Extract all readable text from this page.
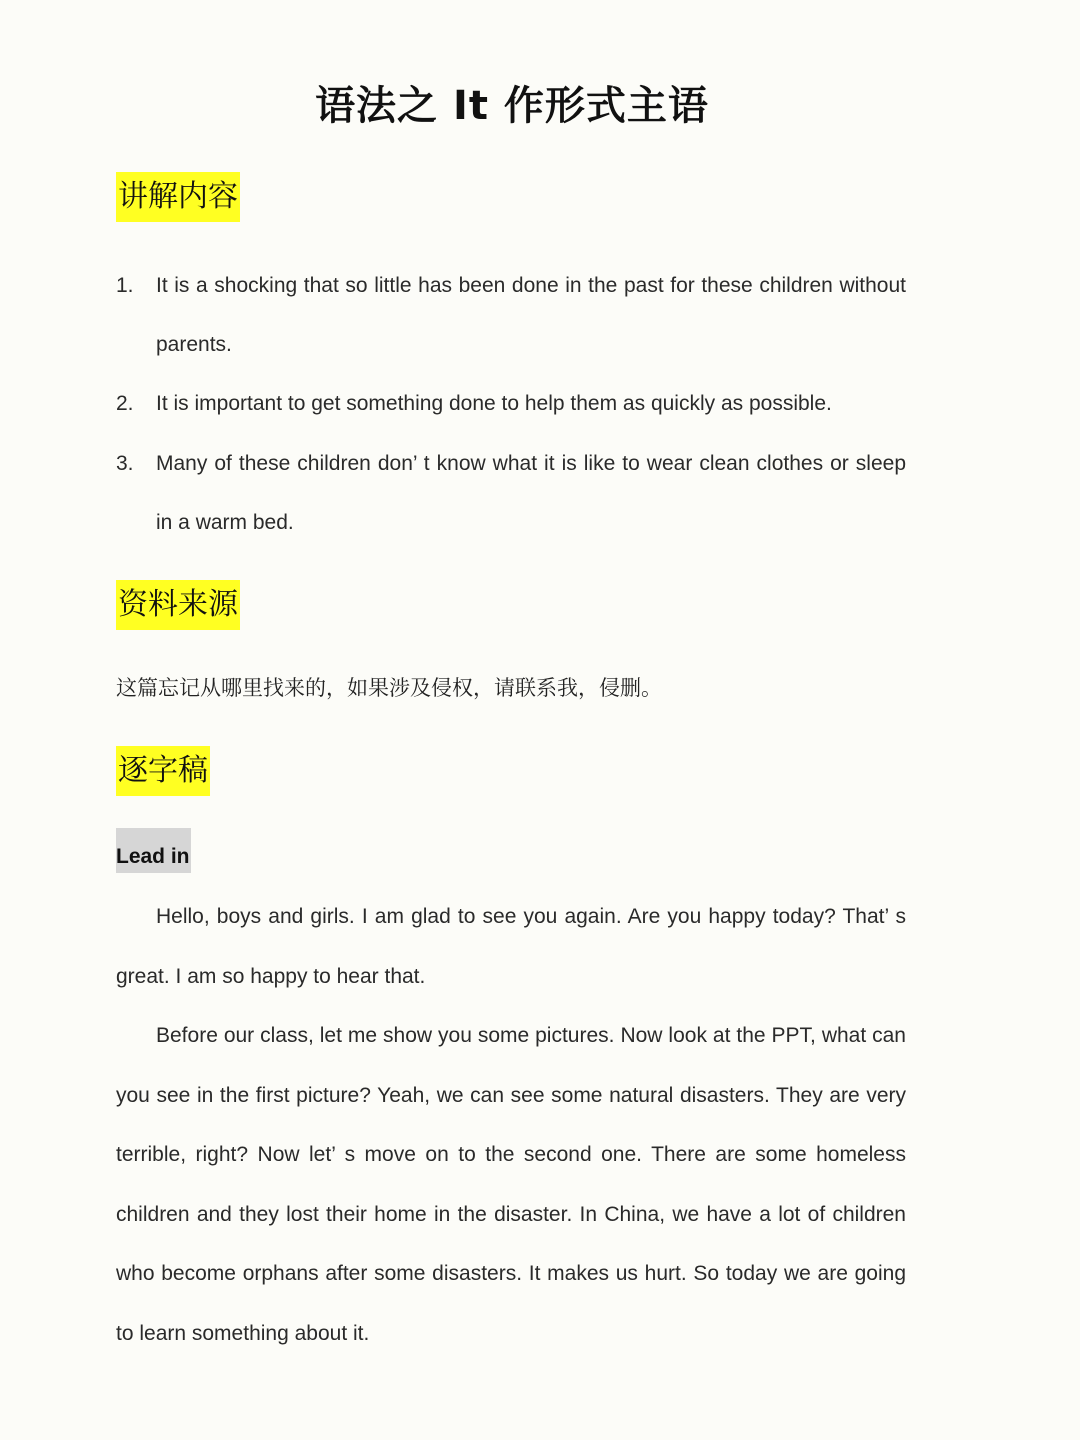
语法之 It 作形式主语
讲解内容
1.	It is a shocking that so little has been done in the past for these children without parents.
2.	It is important to get something done to help them as quickly as possible.
3.	Many of these children don’ t know what it is like to wear clean clothes or sleep in a warm bed.
资料来源
这篇忘记从哪里找来的，如果涉及侵权，请联系我，侵删。
逐字稿
Lead in
Hello, boys and girls. I am glad to see you again. Are you happy today? That’ s great. I am so happy to hear that.
Before our class, let me show you some pictures. Now look at the PPT, what can you see in the first picture? Yeah, we can see some natural disasters. They are very terrible, right? Now let’ s move on to the second one. There are some homeless children and they lost their home in the disaster. In China, we have a lot of children who become orphans after some disasters. It makes us hurt. So today we are going to learn something about it.
